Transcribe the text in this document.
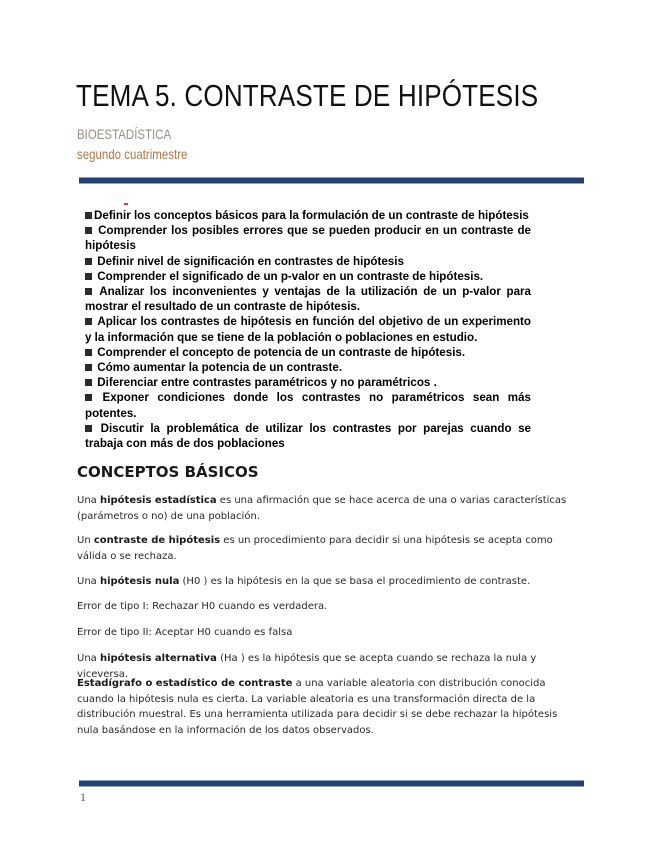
TEMA 5. CONTRASTE DE HIPÓTESIS
BIOESTADÍSTICA
segundo cuatrimestre
Definir los conceptos básicos para la formulación de un contraste de hipótesis
Comprender los posibles errores que se pueden producir en un contraste de hipótesis
Definir nivel de significación en contrastes de hipótesis
Comprender el significado de un p-valor en un contraste de hipótesis.
Analizar los inconvenientes y ventajas de la utilización de un p-valor para mostrar el resultado de un contraste de hipótesis.
Aplicar los contrastes de hipótesis en función del objetivo de un experimento y la información que se tiene de la población o poblaciones en estudio.
Comprender el concepto de potencia de un contraste de hipótesis.
Cómo aumentar la potencia de un contraste.
Diferenciar entre contrastes paramétricos y no paramétricos .
Exponer condiciones donde los contrastes no paramétricos sean más potentes.
Discutir la problemática de utilizar los contrastes por parejas cuando se trabaja con más de dos poblaciones
CONCEPTOS BÁSICOS

Una hipótesis estadística es una afirmación que se hace acerca de una o varias características (parámetros o no) de una población.

Un contraste de hipótesis es un procedimiento para decidir si una hipótesis se acepta como válida o se rechaza.

Una hipótesis nula (H0 ) es la hipótesis en la que se basa el procedimiento de contraste.

Error de tipo I: Rechazar H0 cuando es verdadera.

Error de tipo II: Aceptar H0 cuando es falsa

Una hipótesis alternativa (Ha ) es la hipótesis que se acepta cuando se rechaza la nula y viceversa.

Estadígrafo o estadístico de contraste a una variable aleatoria con distribución conocida cuando la hipótesis nula es cierta. La variable aleatoria es una transformación directa de la distribución muestral. Es una herramienta utilizada para decidir si se debe rechazar la hipótesis nula basándose en la información de los datos observados.

1
